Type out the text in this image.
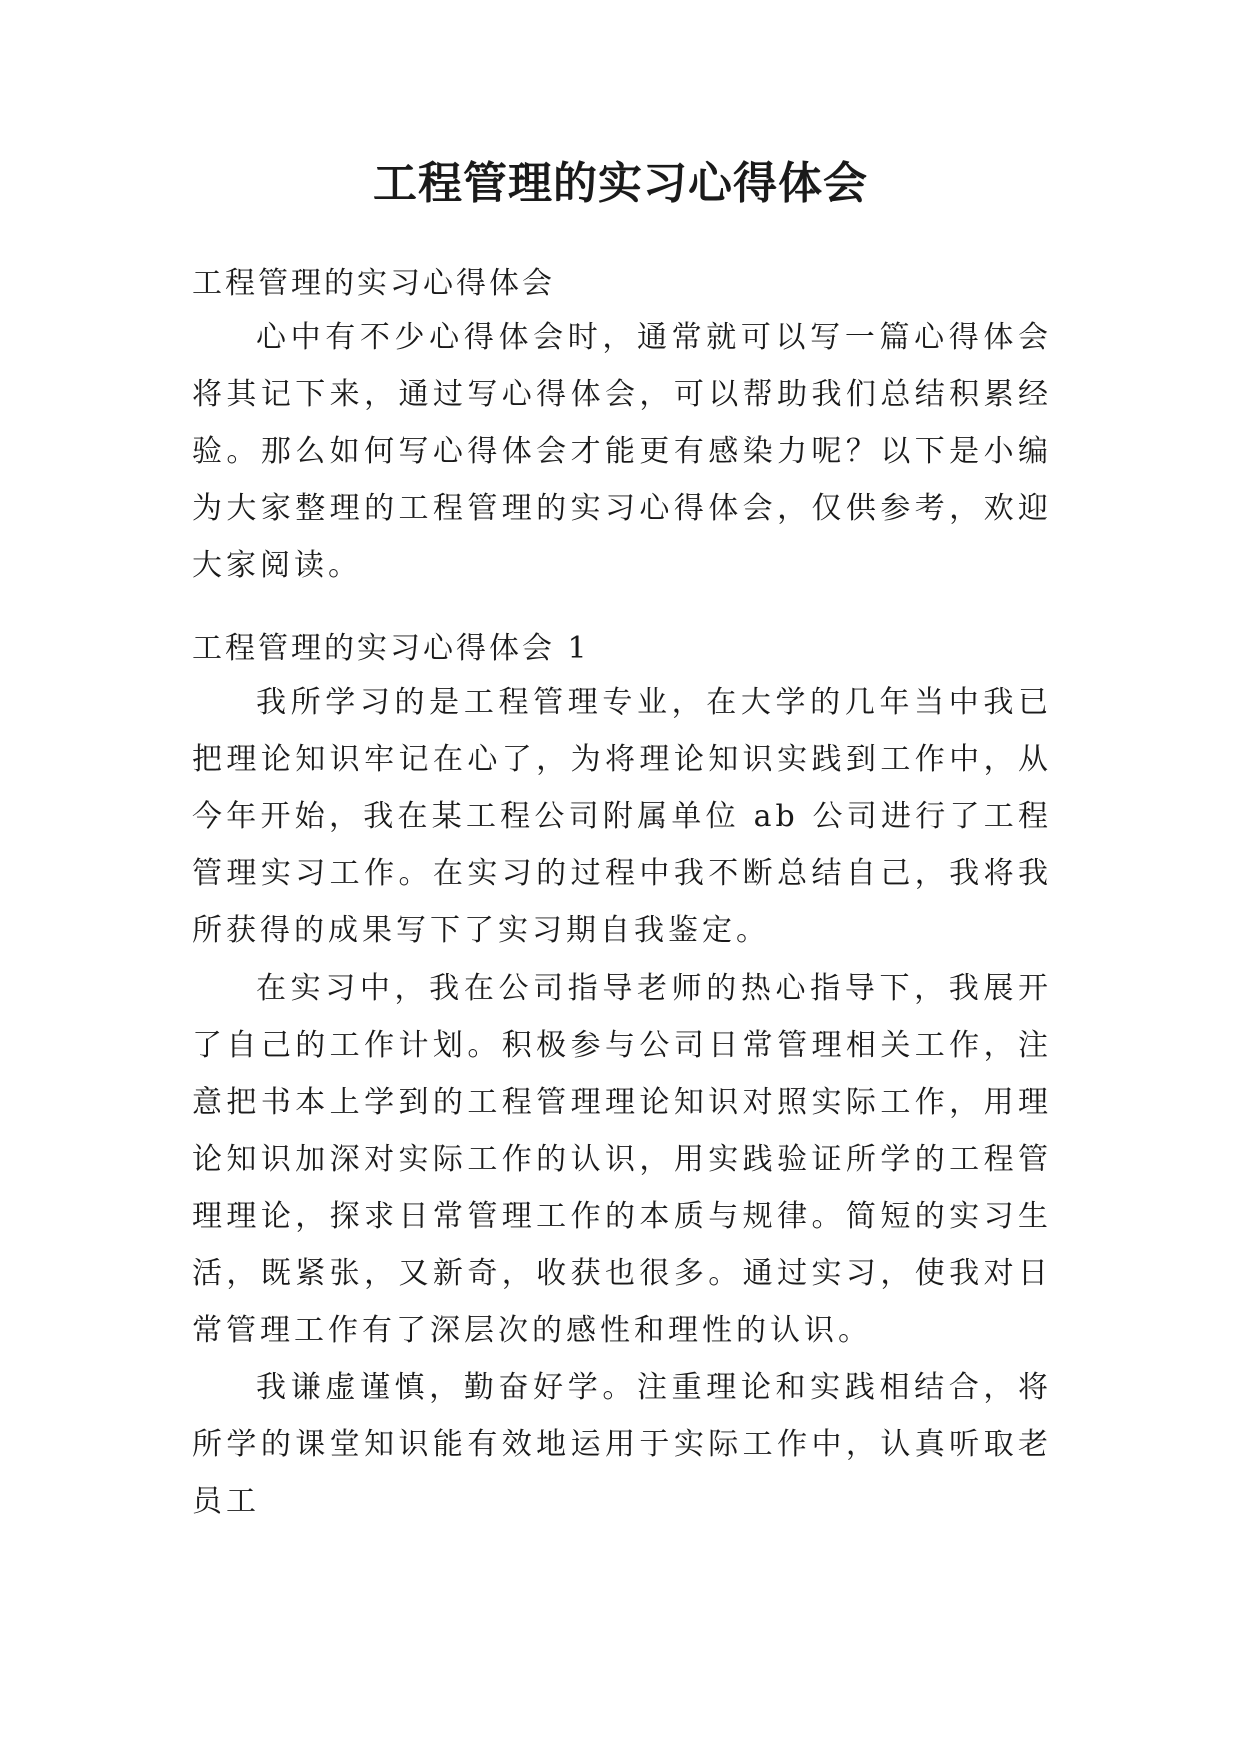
工程管理的实习心得体会

工程管理的实习心得体会

心中有不少心得体会时，通常就可以写一篇心得体会将其记下来，通过写心得体会，可以帮助我们总结积累经验。那么如何写心得体会才能更有感染力呢？以下是小编为大家整理的工程管理的实习心得体会，仅供参考，欢迎大家阅读。

工程管理的实习心得体会 1

我所学习的是工程管理专业，在大学的几年当中我已把理论知识牢记在心了，为将理论知识实践到工作中，从今年开始，我在某工程公司附属单位 ab 公司进行了工程管理实习工作。在实习的过程中我不断总结自己，我将我所获得的成果写下了实习期自我鉴定。

在实习中，我在公司指导老师的热心指导下，我展开了自己的工作计划。积极参与公司日常管理相关工作，注意把书本上学到的工程管理理论知识对照实际工作，用理论知识加深对实际工作的认识，用实践验证所学的工程管理理论，探求日常管理工作的本质与规律。简短的实习生活，既紧张，又新奇，收获也很多。通过实习，使我对日常管理工作有了深层次的感性和理性的认识。

我谦虚谨慎，勤奋好学。注重理论和实践相结合，将所学的课堂知识能有效地运用于实际工作中，认真听取老员工
